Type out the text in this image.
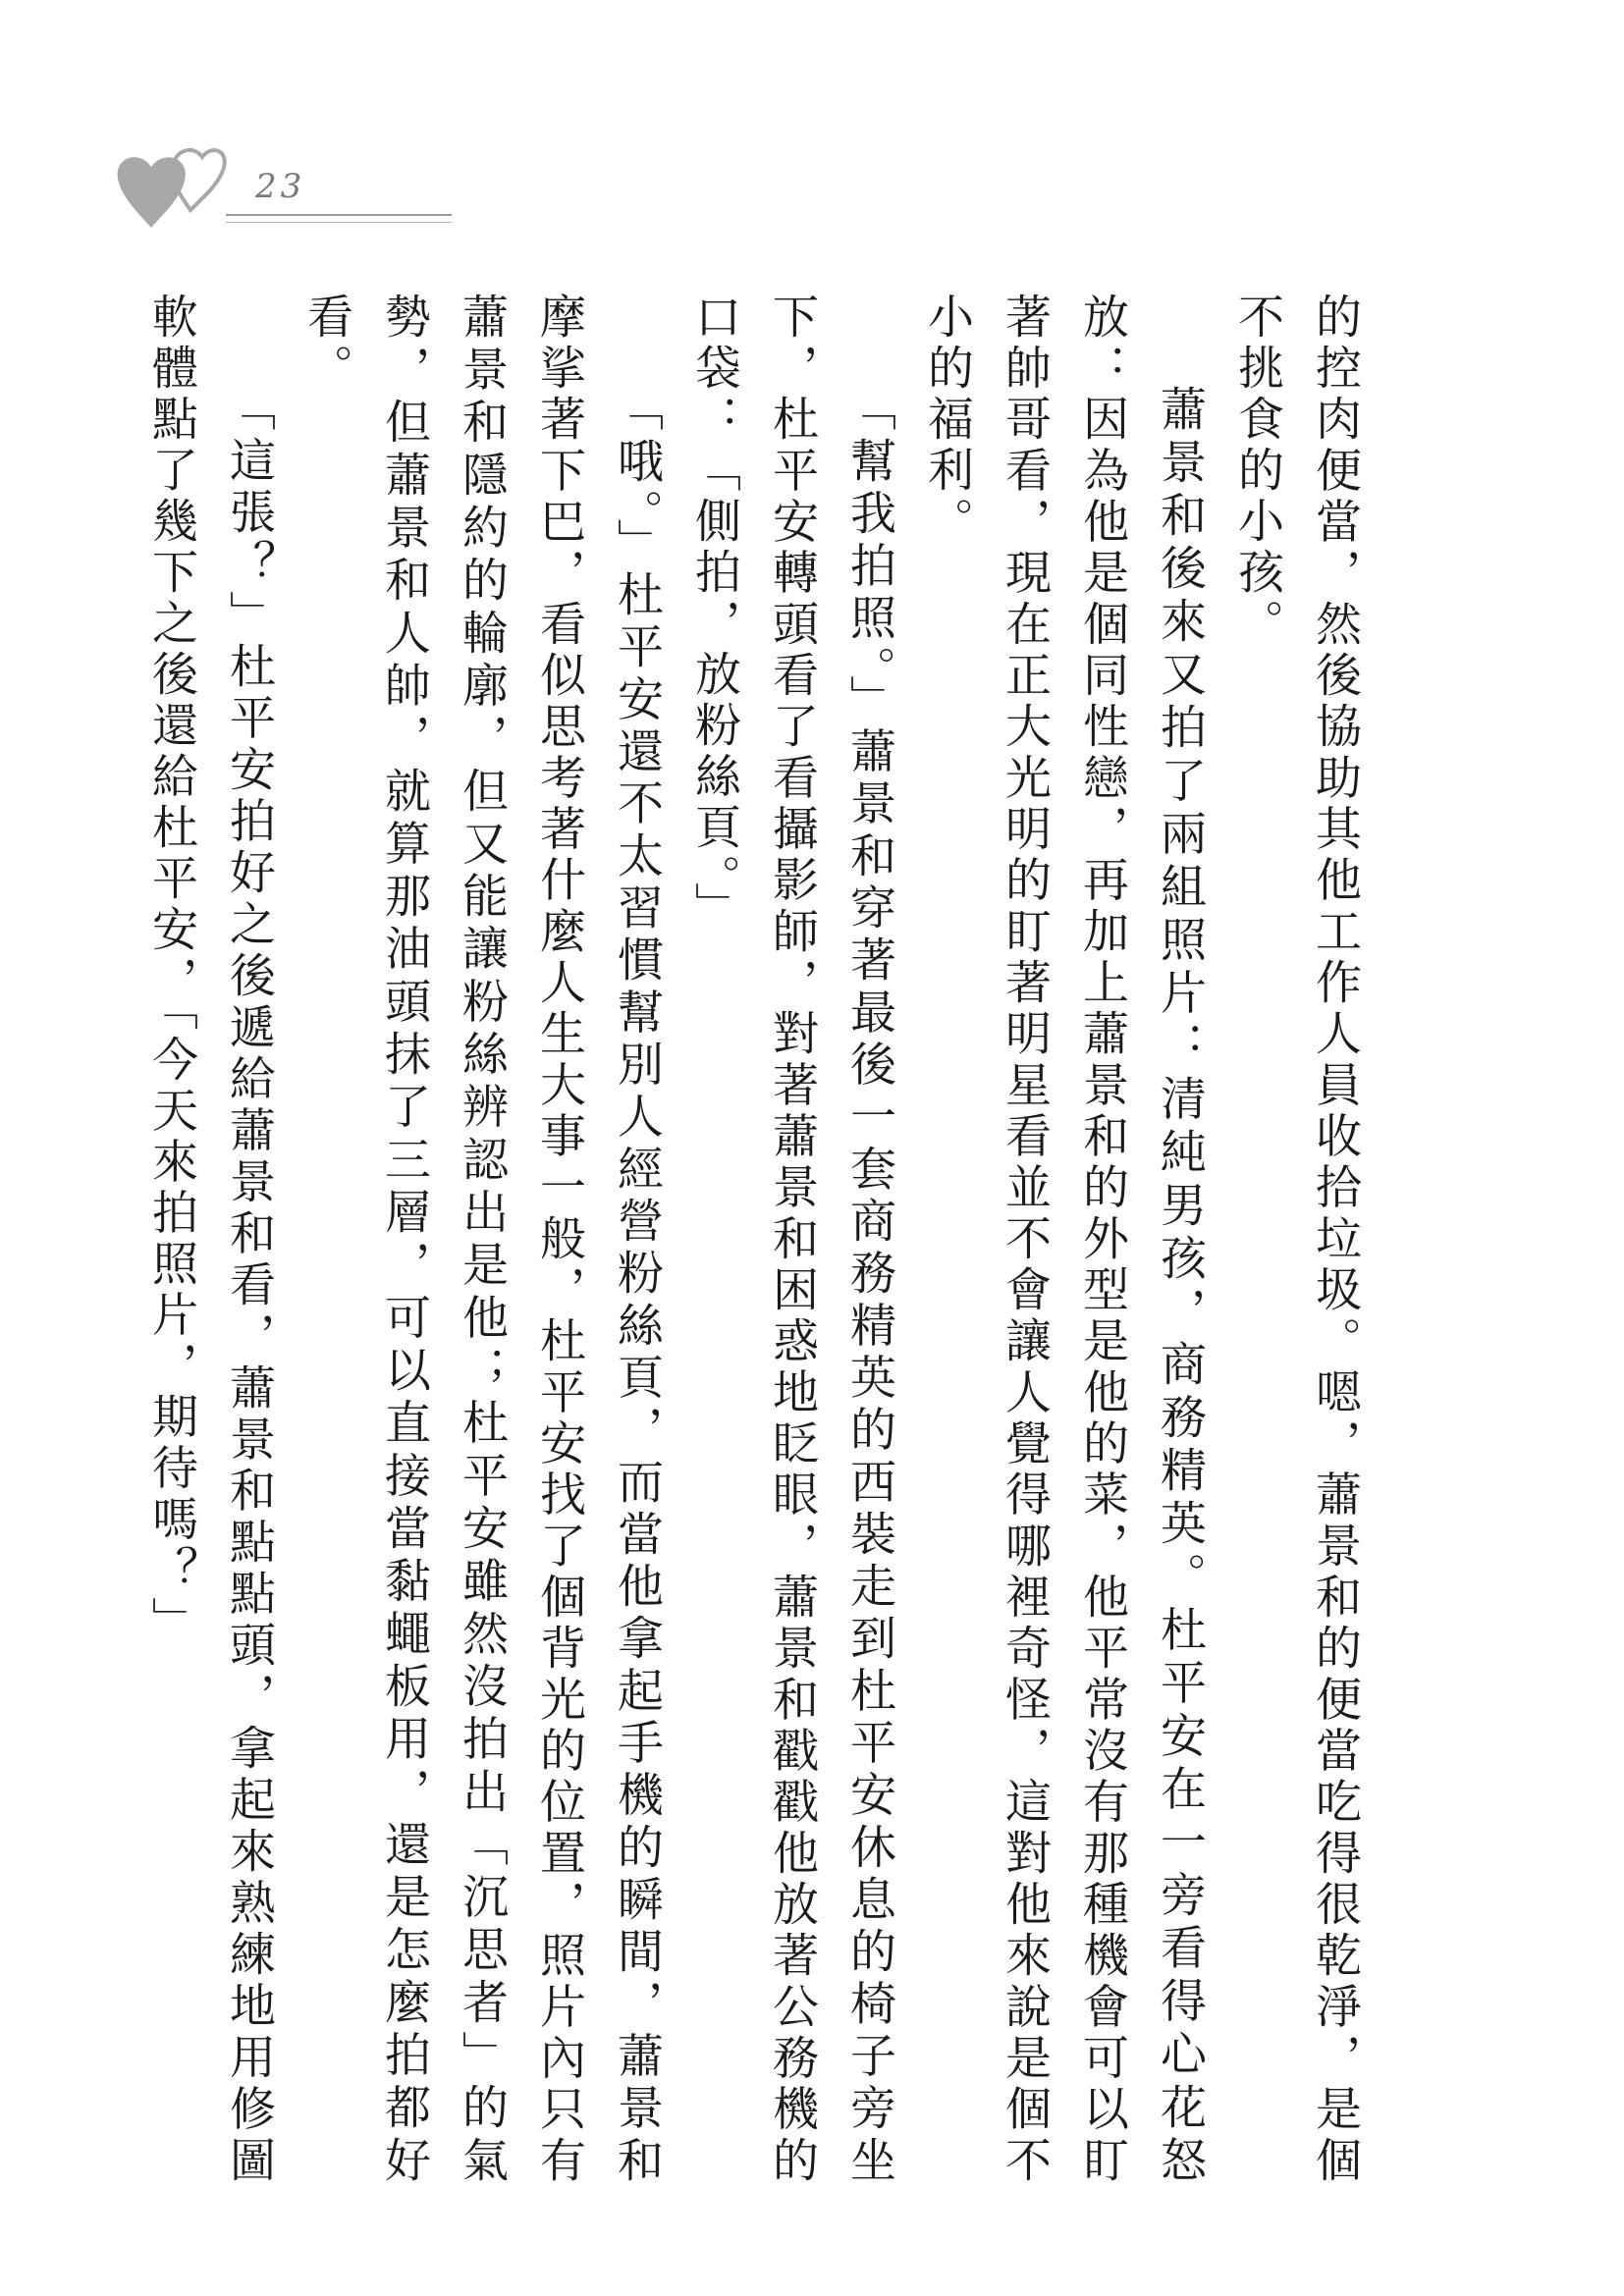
23

的控肉便當，然後協助其他工作人員收拾垃圾。嗯，蕭景和的便當吃得很乾淨，是個不挑食的小孩。

蕭景和後來又拍了兩組照片：清純男孩，商務精英。杜平安在一旁看得心花怒放：因為他是個同性戀，再加上蕭景和的外型是他的菜，他平常沒有那種機會可以盯著帥哥看，現在正大光明的盯著明星看並不會讓人覺得哪裡奇怪，這對他來說是個不小的福利。

「幫我拍照。」蕭景和穿著最後一套商務精英的西裝走到杜平安休息的椅子旁坐下，杜平安轉頭看了看攝影師，對著蕭景和困惑地眨眼，蕭景和戳戳他放著公務機的口袋：「側拍，放粉絲頁。」

「哦。」杜平安還不太習慣幫別人經營粉絲頁，而當他拿起手機的瞬間，蕭景和摩挲著下巴，看似思考著什麼人生大事一般，杜平安找了個背光的位置，照片內只有蕭景和隱約的輪廓，但又能讓粉絲辨認出是他；杜平安雖然沒拍出「沉思者」的氣勢，但蕭景和人帥，就算那油頭抹了三層，可以直接當黏蠅板用，還是怎麼拍都好看。

「這張？」杜平安拍好之後遞給蕭景和看，蕭景和點點頭，拿起來熟練地用修圖軟體點了幾下之後還給杜平安，「今天來拍照片，期待嗎？」
